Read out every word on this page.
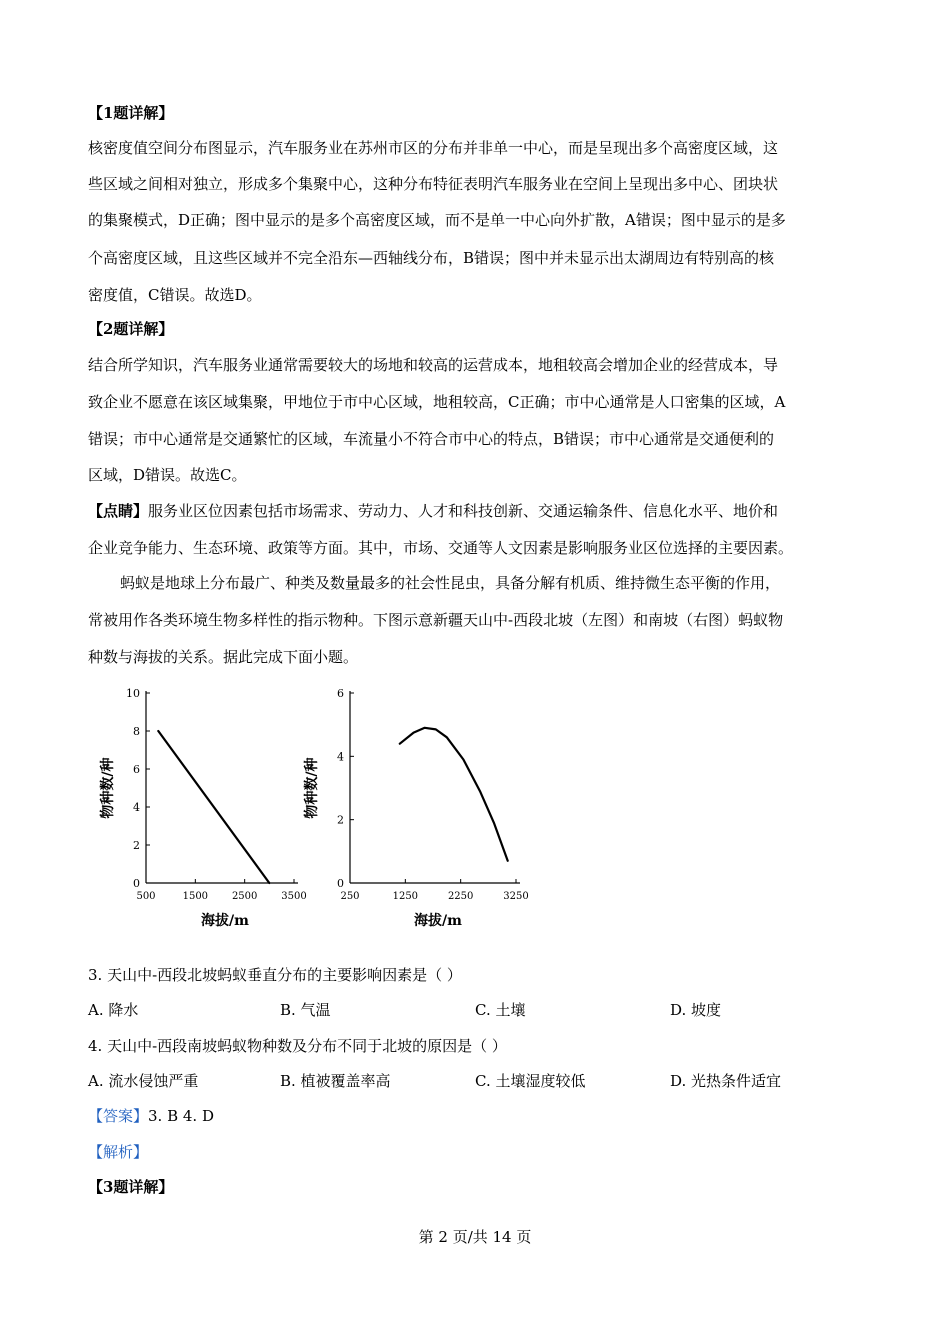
【1题详解】
核密度值空间分布图显示，汽车服务业在苏州市区的分布并非单一中心，而是呈现出多个高密度区域，这
些区域之间相对独立，形成多个集聚中心，这种分布特征表明汽车服务业在空间上呈现出多中心、团块状
的集聚模式，D正确；图中显示的是多个高密度区域，而不是单一中心向外扩散，A错误；图中显示的是多
个高密度区域，且这些区域并不完全沿东—西轴线分布，B错误；图中并未显示出太湖周边有特别高的核
密度值，C错误。故选D。
【2题详解】
结合所学知识，汽车服务业通常需要较大的场地和较高的运营成本，地租较高会增加企业的经营成本，导
致企业不愿意在该区域集聚，甲地位于市中心区域，地租较高，C正确；市中心通常是人口密集的区域，A
错误；市中心通常是交通繁忙的区域，车流量小不符合市中心的特点，B错误；市中心通常是交通便利的
区域，D错误。故选C。
【点睛】服务业区位因素包括市场需求、劳动力、人才和科技创新、交通运输条件、信息化水平、地价和
企业竞争能力、生态环境、政策等方面。其中，市场、交通等人文因素是影响服务业区位选择的主要因素。
蚂蚁是地球上分布最广、种类及数量最多的社会性昆虫，具备分解有机质、维持微生态平衡的作用，
常被用作各类环境生物多样性的指示物种。下图示意新疆天山中-西段北坡（左图）和南坡（右图）蚂蚁物
种数与海拔的关系。据此完成下面小题。
0
2
4
6
8
10
500	1500 2500 3500
海拔/m
物种数/种
0
2
4
6
250	1250	2250	3250
海拔/m
物种数/种
3. 天山中-西段北坡蚂蚁垂直分布的主要影响因素是（ ）
A. 降水	B. 气温	C. 土壤	D. 坡度
4. 天山中-西段南坡蚂蚁物种数及分布不同于北坡的原因是（ ）
A. 流水侵蚀严重	B. 植被覆盖率高	C. 土壤湿度较低	D. 光热条件适宜
【答案】3. B 4. D
【解析】
【3题详解】
第 2 页/共 14 页
